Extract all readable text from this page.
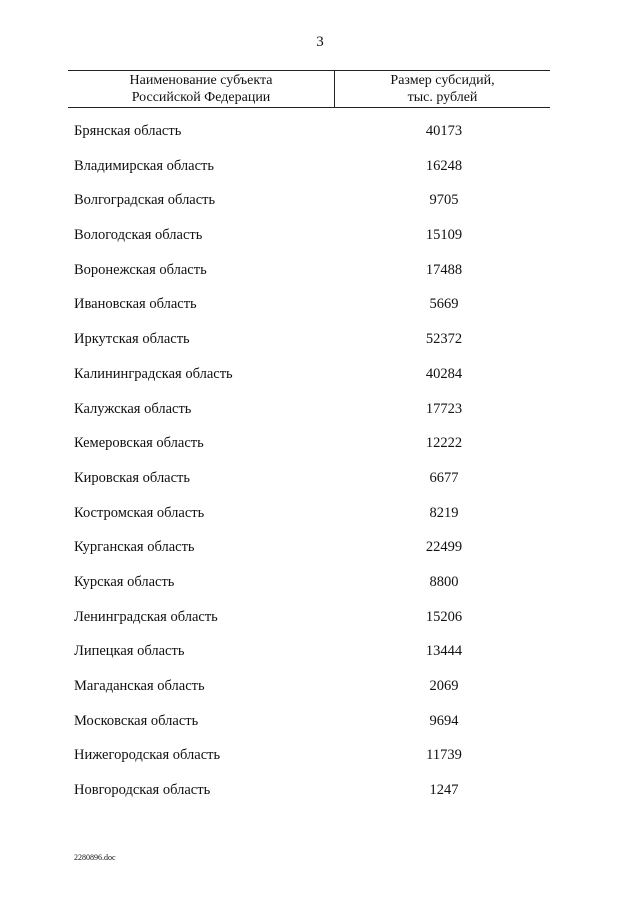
3
Наименование субъекта
Российской Федерации
Размер субсидий,
тыс. рублей
Брянская область	40173
Владимирская область	16248
Волгоградская область	9705
Вологодская область	15109
Воронежская область	17488
Ивановская область	5669
Иркутская область	52372
Калининградская область	40284
Калужская область	17723
Кемеровская область	12222
Кировская область	6677
Костромская область	8219
Курганская область	22499
Курская область	8800
Ленинградская область	15206
Липецкая область	13444
Магаданская область	2069
Московская область	9694
Нижегородская область	11739
Новгородская область	1247
2280896.doc
